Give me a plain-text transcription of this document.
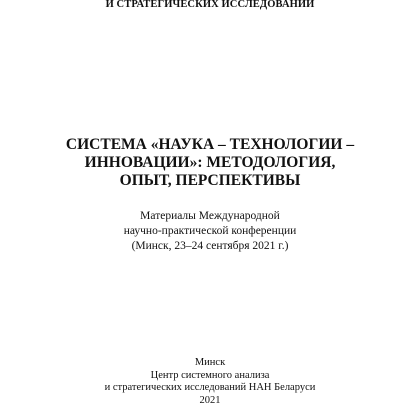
И СТРАТЕГИЧЕСКИХ ИССЛЕДОВАНИЙ
СИСТЕМА «НАУКА – ТЕХНОЛОГИИ –
ИННОВАЦИИ»: МЕТОДОЛОГИЯ,
ОПЫТ, ПЕРСПЕКТИВЫ
Материалы Международной
научно-практической конференции
(Минск, 23–24 сентября 2021 г.)
Минск
Центр системного анализа
и стратегических исследований НАН Беларуси
2021
